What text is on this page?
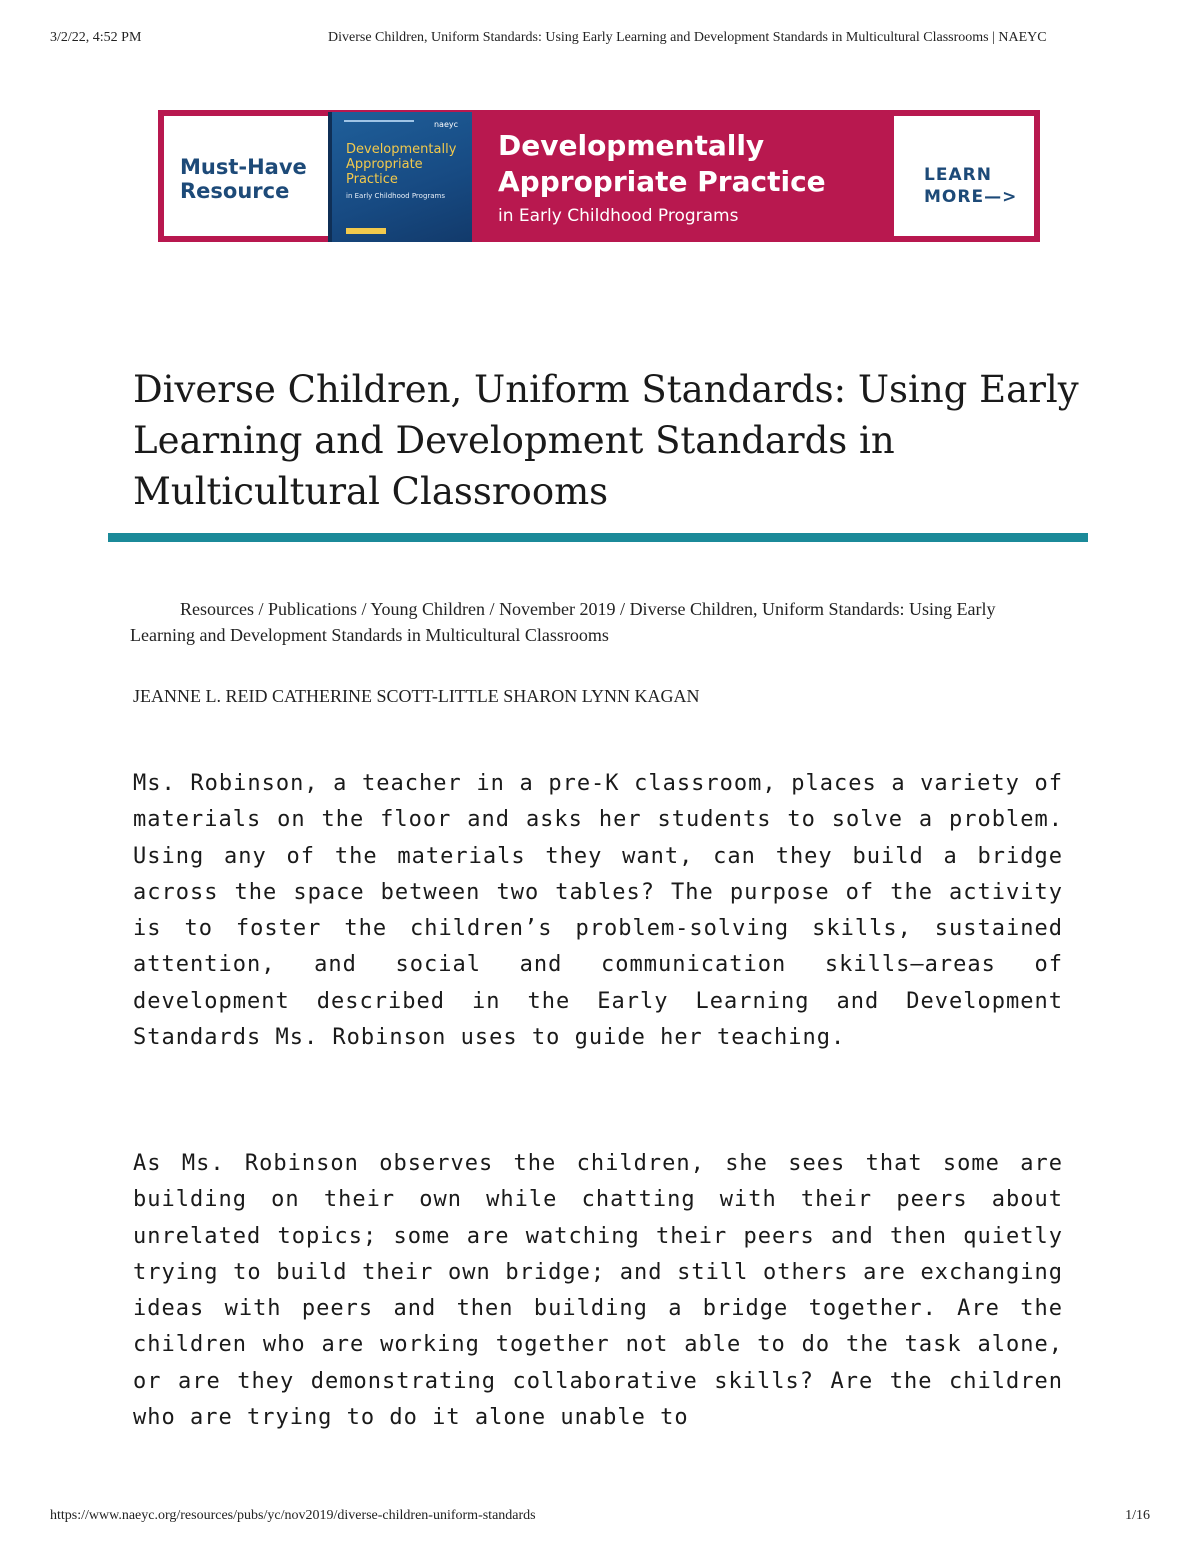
3/2/22, 4:52 PM	Diverse Children, Uniform Standards: Using Early Learning and Development Standards in Multicultural Classrooms | NAEYC
Must-Have Resource
naeyc
Developmentally Appropriate Practice
in Early Childhood Programs
Developmentally Appropriate Practice
in Early Childhood Programs
LEARN MORE—>
Diverse Children, Uniform Standards: Using Early Learning and Development Standards in Multicultural Classrooms
Resources / Publications / Young Children / November 2019 / Diverse Children, Uniform Standards: Using Early Learning and Development Standards in Multicultural Classrooms
JEANNE L. REID CATHERINE SCOTT-LITTLE SHARON LYNN KAGAN

Ms. Robinson, a teacher in a pre-K classroom, places a variety of materials on the floor and asks her students to solve a problem. Using any of the materials they want, can they build a bridge across the space between two tables? The purpose of the activity is to foster the children’s problem-solving skills, sustained attention, and social and communication skills—areas of development described in the Early Learning and Development Standards Ms. Robinson uses to guide her teaching.

As Ms. Robinson observes the children, she sees that some are building on their own while chatting with their peers about unrelated topics; some are watching their peers and then quietly trying to build their own bridge; and still others are exchanging ideas with peers and then building a bridge together. Are the children who are working together not able to do the task alone, or are they demonstrating collaborative skills? Are the children who are trying to do it alone unable to

https://www.naeyc.org/resources/pubs/yc/nov2019/diverse-children-uniform-standards	1/16
